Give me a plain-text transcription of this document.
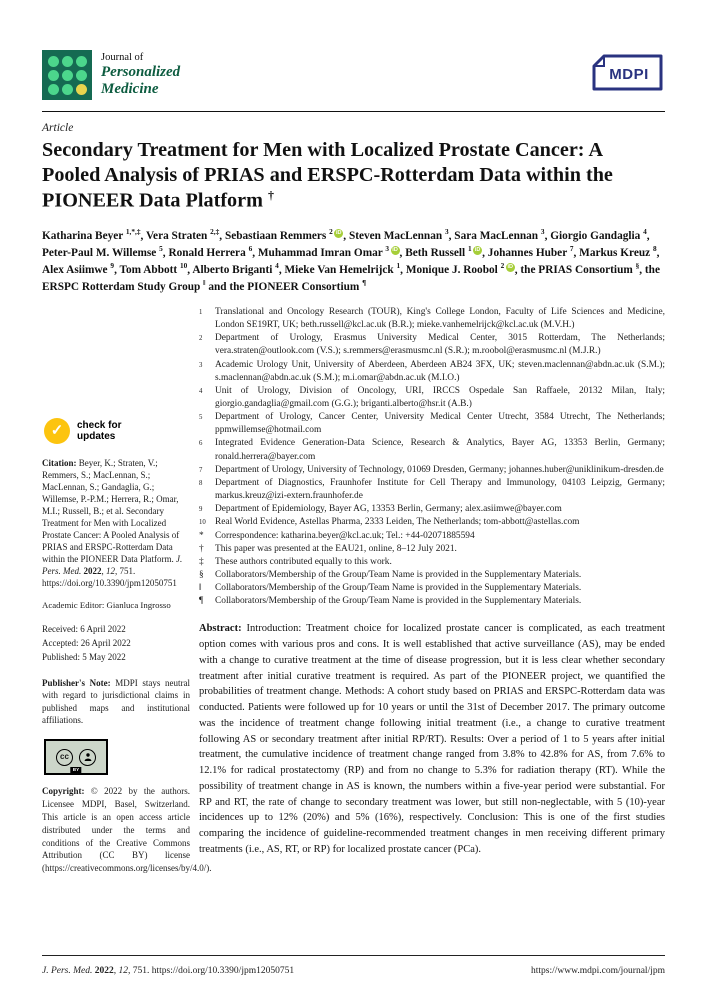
Journal of
Personalized
Medicine
MDPI
Article
Secondary Treatment for Men with Localized Prostate Cancer: A Pooled Analysis of PRIAS and ERSPC-Rotterdam Data within the PIONEER Data Platform †

Katharina Beyer $^{1,*,\ddagger}$, Vera Straten $^{2,\ddagger}$, Sebastiaan Remmers $^2$ iD , Steven MacLennan $^3$, Sara MacLennan $^3$, Giorgio Gandaglia $^4$, Peter-Paul M. Willemse $^5$, Ronald Herrera $^6$, Muhammad Imran Omar $^3$ iD , Beth Russell $^1$ iD , Johannes Huber $^7$, Markus Kreuz $^8$, Alex Asiimwe $^9$, Tom Abbott $^{10}$, Alberto Briganti $^4$, Mieke Van Hemelrijck $^1$, Monique J. Roobol $^2$ iD , the PRIAS Consortium §, the ERSPC Rotterdam Study Group ‖ and the PIONEER Consortium ¶

✓	check for
updates

Citation: Beyer, K.; Straten, V.; Remmers, S.; MacLennan, S.; MacLennan, S.; Gandaglia, G.; Willemse, P.-P.M.; Herrera, R.; Omar, M.I.; Russell, B.; et al. Secondary Treatment for Men with Localized Prostate Cancer: A Pooled Analysis of PRIAS and ERSPC-Rotterdam Data within the PIONEER Data Platform. J. Pers. Med. 2022, 12, 751. https://doi.org/10.3390/jpm12050751

Academic Editor: Gianluca Ingrosso

Received: 6 April 2022
Accepted: 26 April 2022
Published: 5 May 2022

Publisher's Note: MDPI stays neutral with regard to jurisdictional claims in published maps and institutional affiliations.

cc
BY

Copyright: © 2022 by the authors. Licensee MDPI, Basel, Switzerland. This article is an open access article distributed under the terms and conditions of the Creative Commons Attribution (CC BY) license (https://creativecommons.org/licenses/by/4.0/).

1	Translational and Oncology Research (TOUR), King's College London, Faculty of Life Sciences and Medicine, London SE19RT, UK; beth.russell@kcl.ac.uk (B.R.); mieke.vanhemelrijck@kcl.ac.uk (M.V.H.)
2	Department of Urology, Erasmus University Medical Center, 3015 Rotterdam, The Netherlands; vera.straten@outlook.com (V.S.); s.remmers@erasmusmc.nl (S.R.); m.roobol@erasmusmc.nl (M.J.R.)
3	Academic Urology Unit, University of Aberdeen, Aberdeen AB24 3FX, UK; steven.maclennan@abdn.ac.uk (S.M.); s.maclennan@abdn.ac.uk (S.M.); m.i.omar@abdn.ac.uk (M.I.O.)
4	Unit of Urology, Division of Oncology, URI, IRCCS Ospedale San Raffaele, 20132 Milan, Italy; giorgio.gandaglia@gmail.com (G.G.); briganti.alberto@hsr.it (A.B.)
5	Department of Urology, Cancer Center, University Medical Center Utrecht, 3584 Utrecht, The Netherlands; ppmwillemse@hotmail.com
6	Integrated Evidence Generation-Data Science, Research & Analytics, Bayer AG, 13353 Berlin, Germany; ronald.herrera@bayer.com
7	Department of Urology, University of Technology, 01069 Dresden, Germany; johannes.huber@uniklinikum-dresden.de
8	Department of Diagnostics, Fraunhofer Institute for Cell Therapy and Immunology, 04103 Leipzig, Germany; markus.kreuz@izi-extern.fraunhofer.de
9	Department of Epidemiology, Bayer AG, 13353 Berlin, Germany; alex.asiimwe@bayer.com
10 Real World Evidence, Astellas Pharma, 2333 Leiden, The Netherlands; tom-abbott@astellas.com
*	Correspondence: katharina.beyer@kcl.ac.uk; Tel.: +44-02071885594
†	This paper was presented at the EAU21, online, 8–12 July 2021.
‡	These authors contributed equally to this work.
§	Collaborators/Membership of the Group/Team Name is provided in the Supplementary Materials.
‖	Collaborators/Membership of the Group/Team Name is provided in the Supplementary Materials.
¶	Collaborators/Membership of the Group/Team Name is provided in the Supplementary Materials.

Abstract: Introduction: Treatment choice for localized prostate cancer is complicated, as each treatment option comes with various pros and cons. It is well established that active surveillance (AS), may be ended with a change to curative treatment at the time of disease progression, but it is less clear whether secondary treatment after initial curative treatment is required. As part of the PIONEER project, we quantified the probabilities of treatment change. Methods: A cohort study based on PRIAS and ERSPC-Rotterdam data was conducted. Patients were followed up for 10 years or until the 31st of December 2017. The primary outcome was the incidence of treatment change following initial treatment (i.e., a change to curative treatment following AS or secondary treatment after initial RP/RT). Results: Over a period of 1 to 5 years after initial treatment, the cumulative incidence of treatment change ranged from 3.8% to 42.8% for AS, from 7.6% to 12.1% for radical prostatectomy (RP) and from no change to 5.3% for radiation therapy (RT). While the possibility of treatment change in AS is known, the numbers within a five-year period were substantial. For RP and RT, the rate of change to secondary treatment was lower, but still non-neglectable, with 5 (10)-year incidences up to 12% (20%) and 5% (16%), respectively. Conclusion: This is one of the first studies comparing the incidence of guideline-recommended treatment changes in men receiving different primary treatments (i.e., AS, RT, or RP) for localized prostate cancer (PCa).

J. Pers. Med. 2022, 12, 751. https://doi.org/10.3390/jpm12050751	https://www.mdpi.com/journal/jpm
